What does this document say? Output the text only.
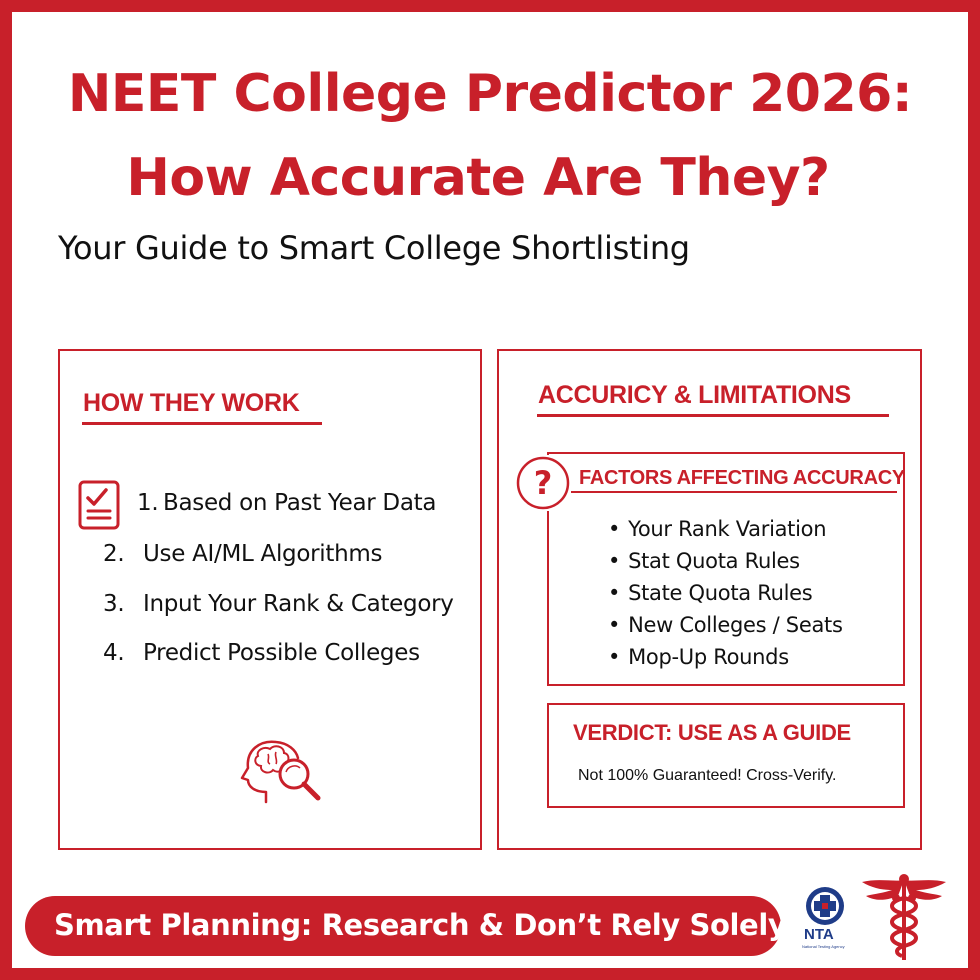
NEET College Predictor 2026:
How Accurate Are They?
Your Guide to Smart College Shortlisting
HOW THEY WORK
1. Based on Past Year Data
2. Use AI/ML Algorithms
3. Input Your Rank & Category
4. Predict Possible Colleges
ACCURICY & LIMITATIONS
? FACTORS AFFECTING ACCURACY
• Your Rank Variation
• Stat Quota Rules
• State Quota Rules
• New Colleges / Seats
• Mop-Up Rounds
VERDICT: USE AS A GUIDE
Not 100% Guaranteed! Cross-Verify.
Smart Planning: Research & Don’t Rely Solely. NTA
National Testing Agency
